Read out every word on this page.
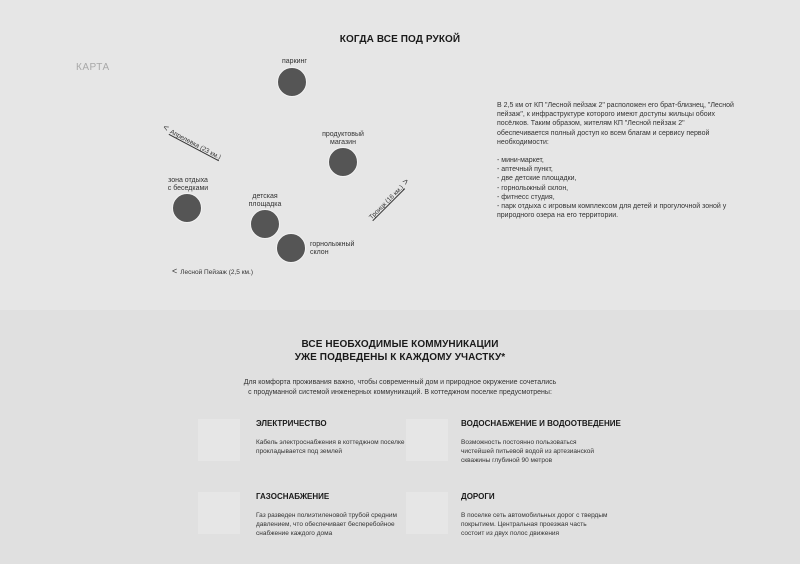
КОГДА ВСЕ ПОД РУКОЙ
КАРТА
паркинг
продуктовый магазин
зона отдыха с беседками
детская площадка
горнолыжный склон
<Апрелевка (23 км.)
Троицк (16 км.)>
< Лесной Пейзаж (2,5 км.)

В 2,5 км от КП "Лесной пейзаж 2" расположен его брат-близнец, "Лесной пейзаж", к инфраструктуре которого имеют доступы жильцы обоих посёлков. Таким образом, жителям КП "Лесной пейзаж 2" обеспечивается полный доступ ко всем благам и сервису первой необходимости:

- мини-маркет,
- аптечный пункт,
- две детские площадки,
- горнолыжный склон,
- фитнесс студия,
- парк отдыха с игровым комплексом для детей и прогулочной зоной у природного озера на его территории.
ВСЕ НЕОБХОДИМЫЕ КОММУНИКАЦИИ
УЖЕ ПОДВЕДЕНЫ К КАЖДОМУ УЧАСТКУ*
Для комфорта проживания важно, чтобы современный дом и природное окружение сочетались
с продуманной системой инженерных коммуникаций. В коттеджном поселке предусмотрены:
ЭЛЕКТРИЧЕСТВО
Кабель электроснабжения в коттеджном поселке прокладывается под землей
ВОДОСНАБЖЕНИЕ И ВОДООТВЕДЕНИЕ
Возможность постоянно пользоваться чистейшей питьевой водой из артезианской скважины глубиной 90 метров
ГАЗОСНАБЖЕНИЕ
Газ разведен полиэтиленовой трубой средним давлением, что обеспечивает бесперебойное снабжение каждого дома
ДОРОГИ
В поселке сеть автомобильных дорог с твердым покрытием. Центральная проезжая часть состоит из двух полос движения
